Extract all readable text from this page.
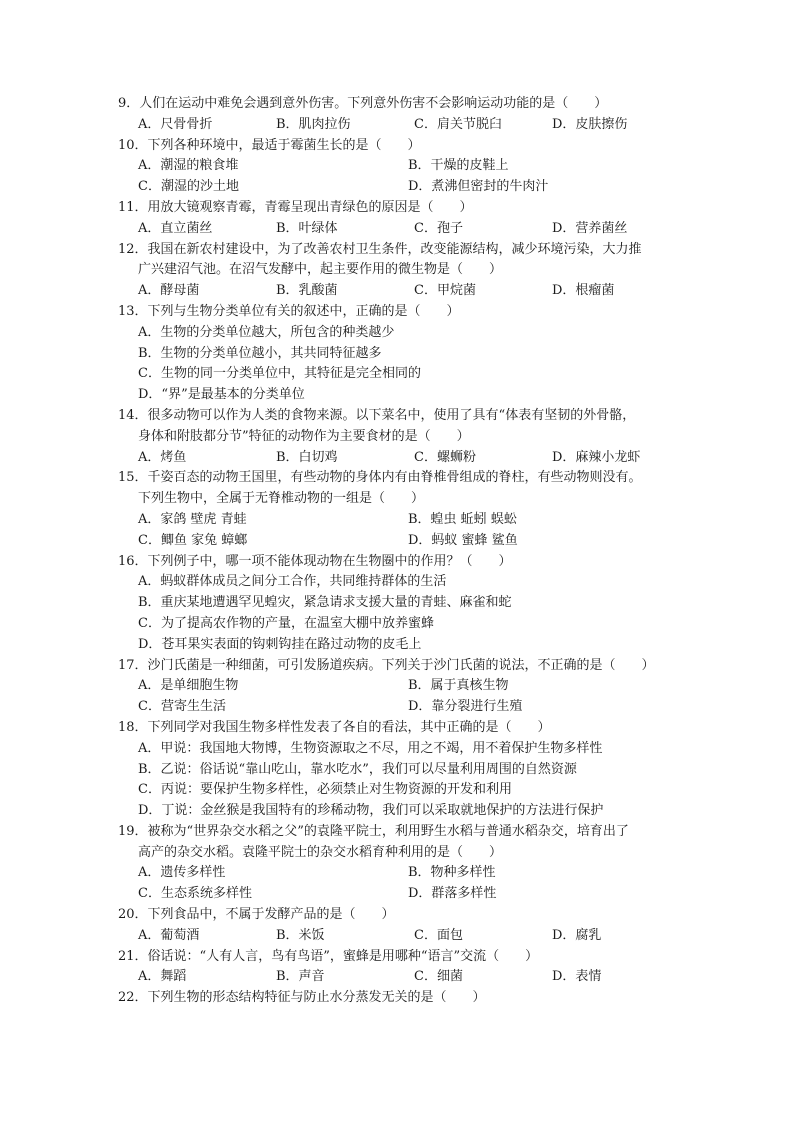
9．人们在运动中难免会遇到意外伤害。下列意外伤害不会影响运动功能的是（　　）
A．尺骨骨折	B．肌肉拉伤	C．肩关节脱臼	D．皮肤擦伤
10．下列各种环境中，最适于霉菌生长的是（　　）
A．潮湿的粮食堆	B．干燥的皮鞋上
C．潮湿的沙土地	D．煮沸但密封的牛肉汁
11．用放大镜观察青霉，青霉呈现出青绿色的原因是（　　）
A．直立菌丝	B．叶绿体	C．孢子	D．营养菌丝
12．我国在新农村建设中，为了改善农村卫生条件，改变能源结构，减少环境污染，大力推
广兴建沼气池。在沼气发酵中，起主要作用的微生物是（　　）
A．酵母菌	B．乳酸菌	C．甲烷菌	D．根瘤菌
13．下列与生物分类单位有关的叙述中，正确的是（　　）
A．生物的分类单位越大，所包含的种类越少
B．生物的分类单位越小，其共同特征越多
C．生物的同一分类单位中，其特征是完全相同的
D．“界”是最基本的分类单位
14．很多动物可以作为人类的食物来源。以下菜名中，使用了具有“体表有坚韧的外骨骼，
身体和附肢都分节”特征的动物作为主要食材的是（　　）
A．烤鱼	B．白切鸡	C．螺蛳粉	D．麻辣小龙虾
15．千姿百态的动物王国里，有些动物的身体内有由脊椎骨组成的脊柱，有些动物则没有。
下列生物中，全属于无脊椎动物的一组是（　　）
A．家鸽 壁虎 青蛙	B．蝗虫 蚯蚓 蜈蚣
C．鲫鱼 家兔 蟑螂	D．蚂蚁 蜜蜂 鲨鱼
16．下列例子中，哪一项不能体现动物在生物圈中的作用？（　　）
A．蚂蚁群体成员之间分工合作，共同维持群体的生活
B．重庆某地遭遇罕见蝗灾，紧急请求支援大量的青蛙、麻雀和蛇
C．为了提高农作物的产量，在温室大棚中放养蜜蜂
D．苍耳果实表面的钩刺钩挂在路过动物的皮毛上
17．沙门氏菌是一种细菌，可引发肠道疾病。下列关于沙门氏菌的说法，不正确的是（　　）
A．是单细胞生物	B．属于真核生物
C．营寄生生活	D．靠分裂进行生殖
18．下列同学对我国生物多样性发表了各自的看法，其中正确的是（　　）
A．甲说：我国地大物博，生物资源取之不尽，用之不竭，用不着保护生物多样性
B．乙说：俗话说“靠山吃山，靠水吃水”，我们可以尽量利用周围的自然资源
C．丙说：要保护生物多样性，必须禁止对生物资源的开发和利用
D．丁说：金丝猴是我国特有的珍稀动物，我们可以采取就地保护的方法进行保护
19．被称为“世界杂交水稻之父”的袁隆平院士，利用野生水稻与普通水稻杂交，培育出了
高产的杂交水稻。袁隆平院士的杂交水稻育种利用的是（　　）
A．遗传多样性	B．物种多样性
C．生态系统多样性	D．群落多样性
20．下列食品中，不属于发酵产品的是（　　）
A．葡萄酒	B．米饭	C．面包	D．腐乳
21．俗话说：“人有人言，鸟有鸟语”，蜜蜂是用哪种“语言”交流（　　）
A．舞蹈	B．声音	C．细菌	D．表情
22．下列生物的形态结构特征与防止水分蒸发无关的是（　　）
